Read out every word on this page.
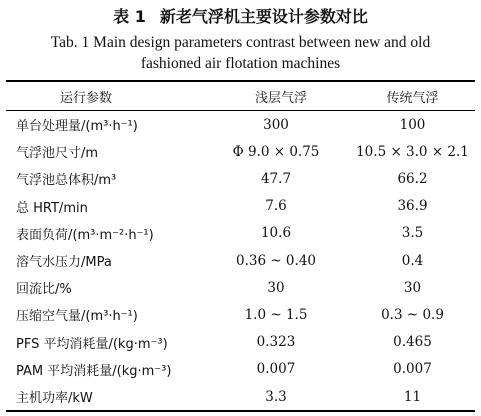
表 1 新老气浮机主要设计参数对比
Tab. 1 Main design parameters contrast between new and old
fashioned air flotation machines
运行参数	浅层气浮	传统气浮
单台处理量/(m³·h⁻¹)	300	100
气浮池尺寸/m	Φ 9.0 × 0.75	10.5 × 3.0 × 2.1
气浮池总体积/m³	47.7	66.2
总 HRT/min	7.6	36.9
表面负荷/(m³·m⁻²·h⁻¹)	10.6	3.5
溶气水压力/MPa	0.36 ~ 0.40	0.4
回流比/%	30	30
压缩空气量/(m³·h⁻¹)	1.0 ~ 1.5	0.3 ~ 0.9
PFS 平均消耗量/(kg·m⁻³)	0.323	0.465
PAM 平均消耗量/(kg·m⁻³)	0.007	0.007
主机功率/kW	3.3	11
